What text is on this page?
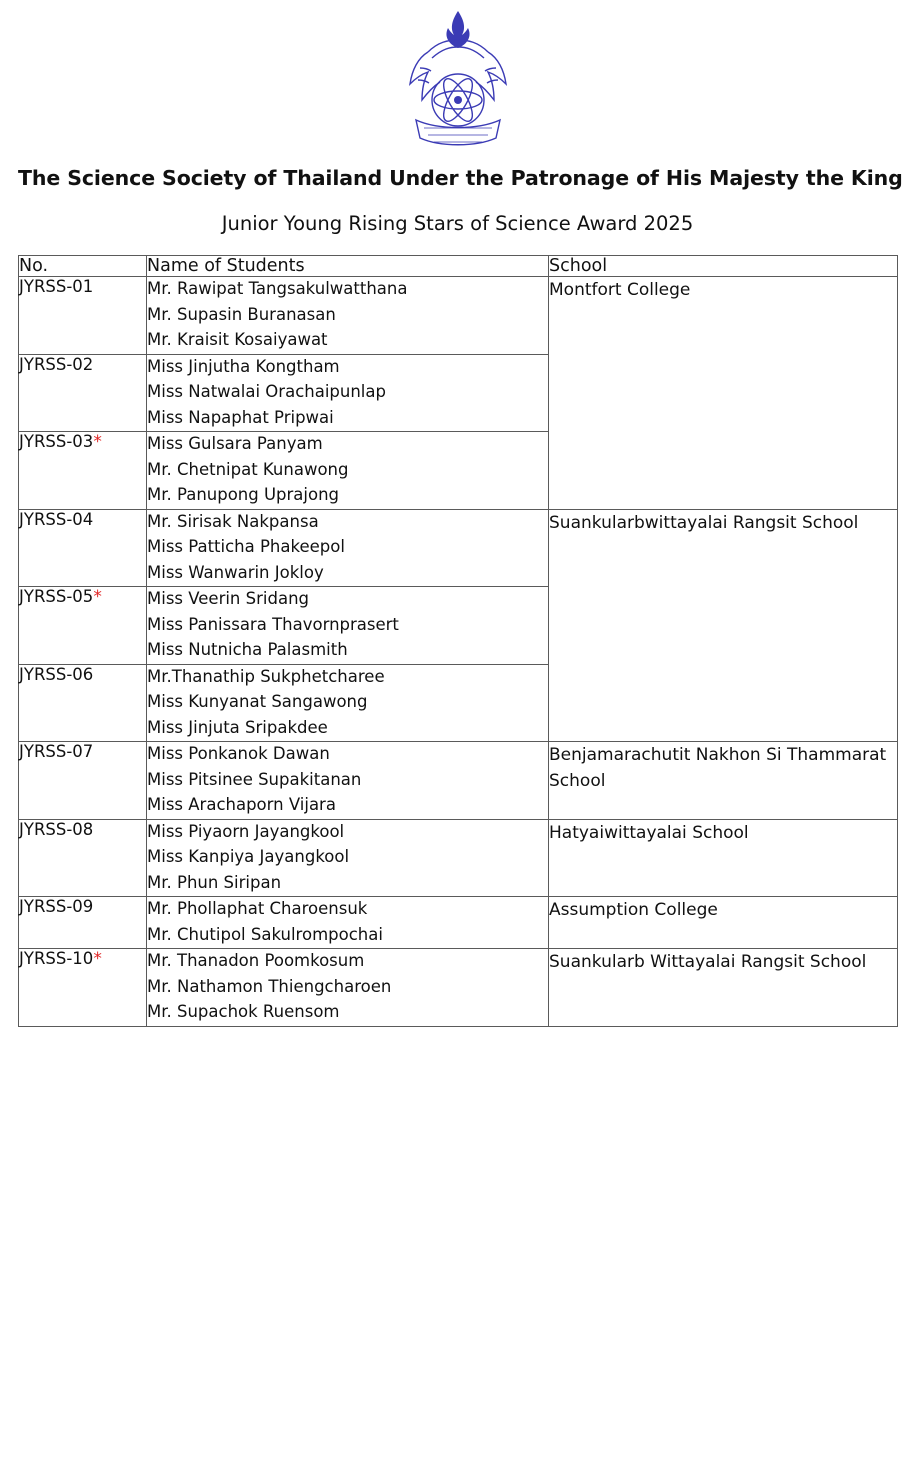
The Science Society of Thailand Under the Patronage of His Majesty the King
Junior Young Rising Stars of Science Award 2025
No.	Name of Students	School
JYRSS-01	Mr. Rawipat Tangsakulwatthana
Mr. Supasin Buranasan
Mr. Kraisit Kosaiyawat	Montfort College
JYRSS-02	Miss Jinjutha Kongtham
Miss Natwalai Orachaipunlap
Miss Napaphat Pripwai	

JYRSS-03*	Miss Gulsara Panyam
Mr. Chetnipat Kunawong
Mr. Panupong Uprajong	

JYRSS-04	Mr. Sirisak Nakpansa
Miss Patticha Phakeepol
Miss Wanwarin Jokloy	Suankularbwittayalai Rangsit School
JYRSS-05*	Miss Veerin Sridang
Miss Panissara Thavornprasert
Miss Nutnicha Palasmith	

JYRSS-06	Mr.Thanathip Sukphetcharee
Miss Kunyanat Sangawong
Miss Jinjuta Sripakdee	

JYRSS-07	Miss Ponkanok Dawan
Miss Pitsinee Supakitanan
Miss Arachaporn Vijara	Benjamarachutit Nakhon Si Thammarat School
JYRSS-08	Miss Piyaorn Jayangkool
Miss Kanpiya Jayangkool
Mr. Phun Siripan	Hatyaiwittayalai School
JYRSS-09	Mr. Phollaphat Charoensuk
Mr. Chutipol Sakulrompochai	Assumption College
JYRSS-10*	Mr. Thanadon Poomkosum
Mr. Nathamon Thiengcharoen
Mr. Supachok Ruensom	Suankularb Wittayalai Rangsit School
